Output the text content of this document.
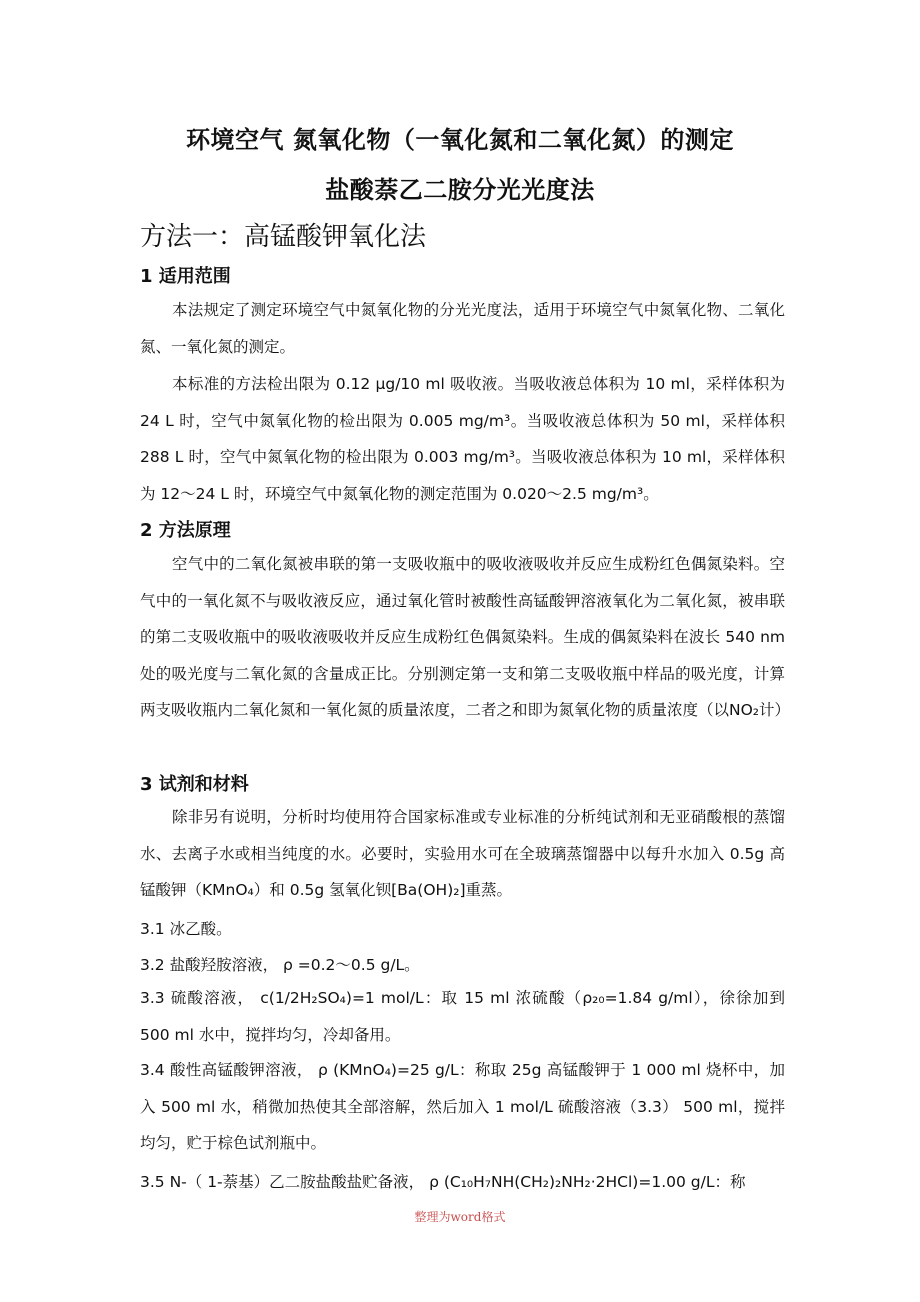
环境空气 氮氧化物（一氧化氮和二氧化氮）的测定
盐酸萘乙二胺分光光度法
方法一：高锰酸钾氧化法
1 适用范围
本法规定了测定环境空气中氮氧化物的分光光度法，适用于环境空气中氮氧化物、二氧化氮、一氧化氮的测定。
本标准的方法检出限为 0.12 μg/10 ml 吸收液。当吸收液总体积为 10 ml，采样体积为 24 L 时，空气中氮氧化物的检出限为 0.005 mg/m³。当吸收液总体积为 50 ml，采样体积 288 L 时，空气中氮氧化物的检出限为 0.003 mg/m³。当吸收液总体积为 10 ml，采样体积为 12～24 L 时，环境空气中氮氧化物的测定范围为 0.020～2.5 mg/m³。
2 方法原理
空气中的二氧化氮被串联的第一支吸收瓶中的吸收液吸收并反应生成粉红色偶氮染料。空气中的一氧化氮不与吸收液反应，通过氧化管时被酸性高锰酸钾溶液氧化为二氧化氮，被串联的第二支吸收瓶中的吸收液吸收并反应生成粉红色偶氮染料。生成的偶氮染料在波长 540 nm 处的吸光度与二氧化氮的含量成正比。分别测定第一支和第二支吸收瓶中样品的吸光度，计算两支吸收瓶内二氧化氮和一氧化氮的质量浓度，二者之和即为氮氧化物的质量浓度（以NO₂计）
3 试剂和材料
除非另有说明，分析时均使用符合国家标准或专业标准的分析纯试剂和无亚硝酸根的蒸馏水、去离子水或相当纯度的水。必要时，实验用水可在全玻璃蒸馏器中以每升水加入 0.5g 高锰酸钾（KMnO₄）和 0.5g 氢氧化钡[Ba(OH)₂]重蒸。
3.1 冰乙酸。
3.2 盐酸羟胺溶液， ρ =0.2～0.5 g/L。
3.3 硫酸溶液， c(1/2H₂SO₄)=1 mol/L：取 15 ml 浓硫酸（ρ₂₀=1.84 g/ml），徐徐加到 500 ml 水中，搅拌均匀，冷却备用。
3.4 酸性高锰酸钾溶液， ρ (KMnO₄)=25 g/L：称取 25g 高锰酸钾于 1 000 ml 烧杯中，加入 500 ml 水，稍微加热使其全部溶解，然后加入 1 mol/L 硫酸溶液（3.3） 500 ml，搅拌均匀，贮于棕色试剂瓶中。
3.5 N-（ 1-萘基）乙二胺盐酸盐贮备液， ρ (C₁₀H₇NH(CH₂)₂NH₂·2HCl)=1.00 g/L：称
整理为word格式
